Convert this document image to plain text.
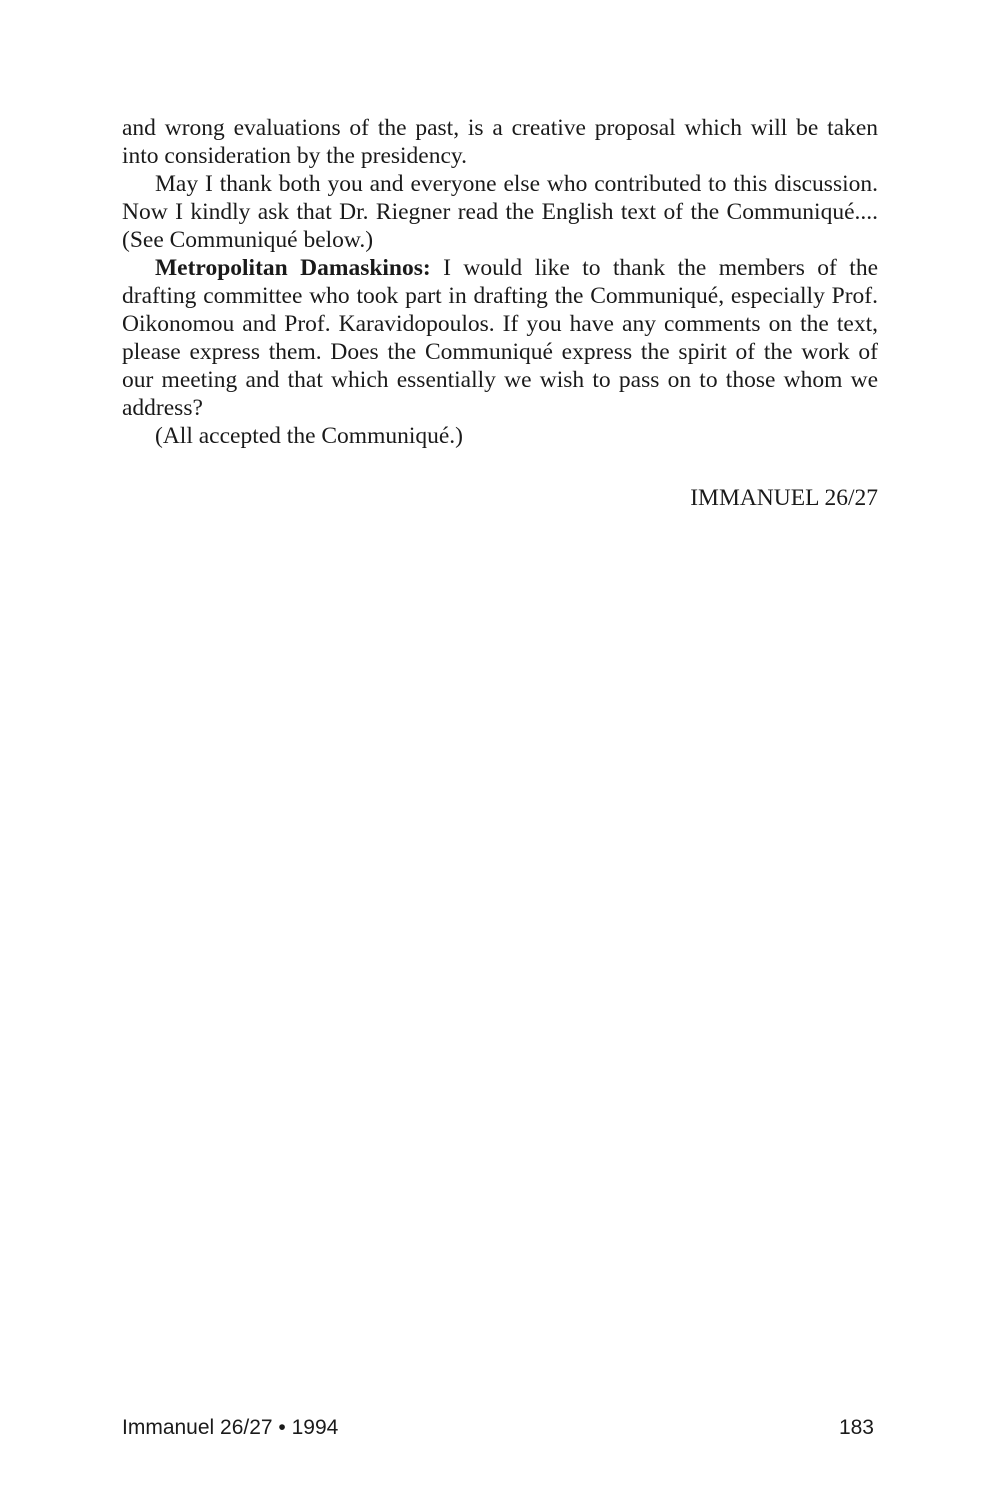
and wrong evaluations of the past, is a creative proposal which will be taken into consideration by the presidency.

May I thank both you and everyone else who contributed to this discussion. Now I kindly ask that Dr. Riegner read the English text of the Communiqué.... (See Communiqué below.)

Metropolitan Damaskinos: I would like to thank the members of the drafting committee who took part in drafting the Communiqué, especially Prof. Oikonomou and Prof. Karavidopoulos. If you have any comments on the text, please express them. Does the Communiqué express the spirit of the work of our meeting and that which essentially we wish to pass on to those whom we address?

(All accepted the Communiqué.)

IMMANUEL 26/27
Immanuel 26/27 • 1994	183
